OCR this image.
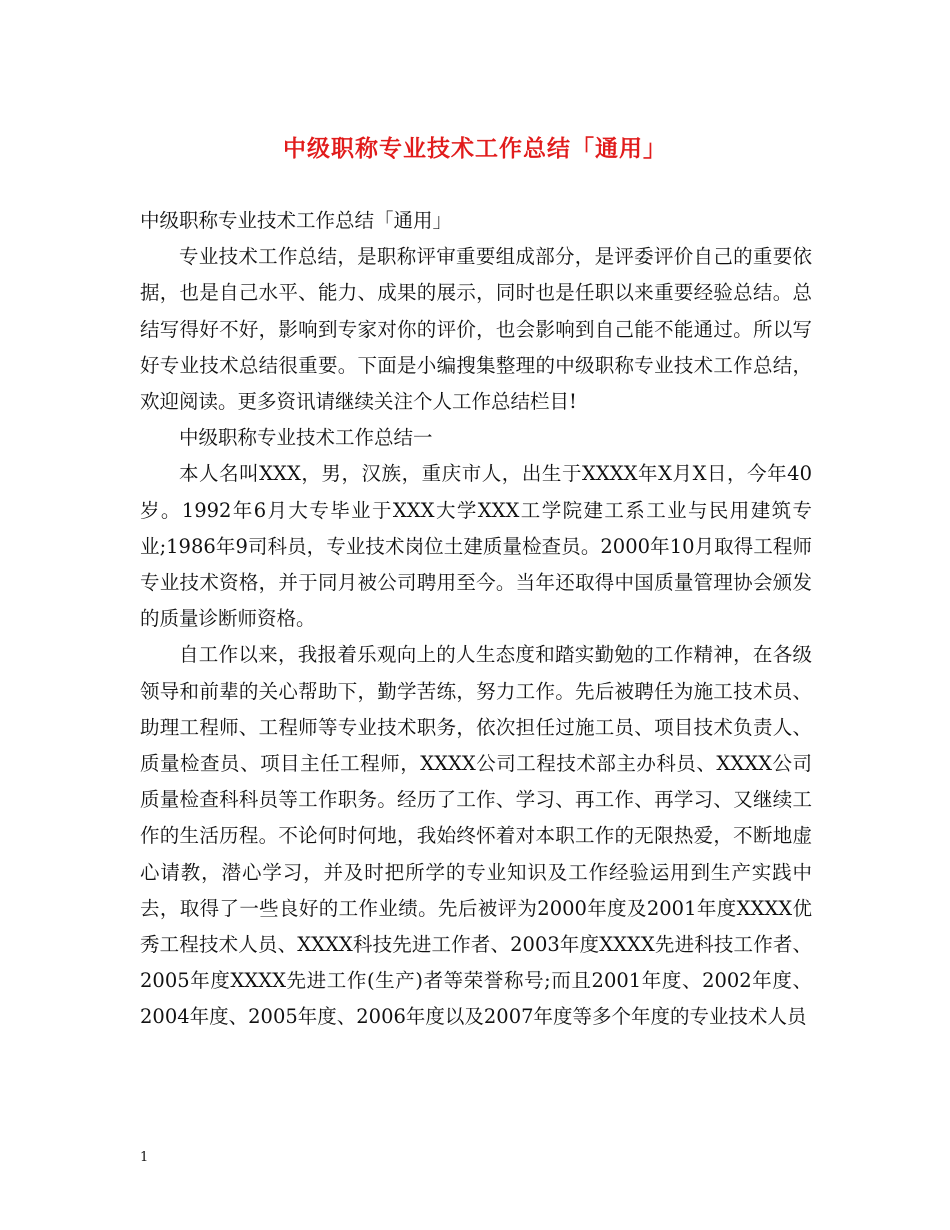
中级职称专业技术工作总结「通用」

中级职称专业技术工作总结「通用」

专业技术工作总结，是职称评审重要组成部分，是评委评价自己的重要依据，也是自己水平、能力、成果的展示，同时也是任职以来重要经验总结。总结写得好不好，影响到专家对你的评价，也会影响到自己能不能通过。所以写好专业技术总结很重要。下面是小编搜集整理的中级职称专业技术工作总结，欢迎阅读。更多资讯请继续关注个人工作总结栏目!

中级职称专业技术工作总结一

本人名叫XXX，男，汉族，重庆市人，出生于XXXX年X月X日，今年40岁。1992年6月大专毕业于XXX大学XXX工学院建工系工业与民用建筑专业;1986年9司科员，专业技术岗位土建质量检查员。2000年10月取得工程师专业技术资格，并于同月被公司聘用至今。当年还取得中国质量管理协会颁发的质量诊断师资格。

自工作以来，我报着乐观向上的人生态度和踏实勤勉的工作精神，在各级领导和前辈的关心帮助下，勤学苦练，努力工作。先后被聘任为施工技术员、助理工程师、工程师等专业技术职务，依次担任过施工员、项目技术负责人、质量检查员、项目主任工程师，XXXX公司工程技术部主办科员、XXXX公司质量检查科科员等工作职务。经历了工作、学习、再工作、再学习、又继续工作的生活历程。不论何时何地，我始终怀着对本职工作的无限热爱，不断地虚心请教，潜心学习，并及时把所学的专业知识及工作经验运用到生产实践中去，取得了一些良好的工作业绩。先后被评为2000年度及2001年度XXXX优秀工程技术人员、XXXX科技先进工作者、2003年度XXXX先进科技工作者、2005年度XXXX先进工作(生产)者等荣誉称号;而且2001年度、2002年度、2004年度、2005年度、2006年度以及2007年度等多个年度的专业技术人员

1
